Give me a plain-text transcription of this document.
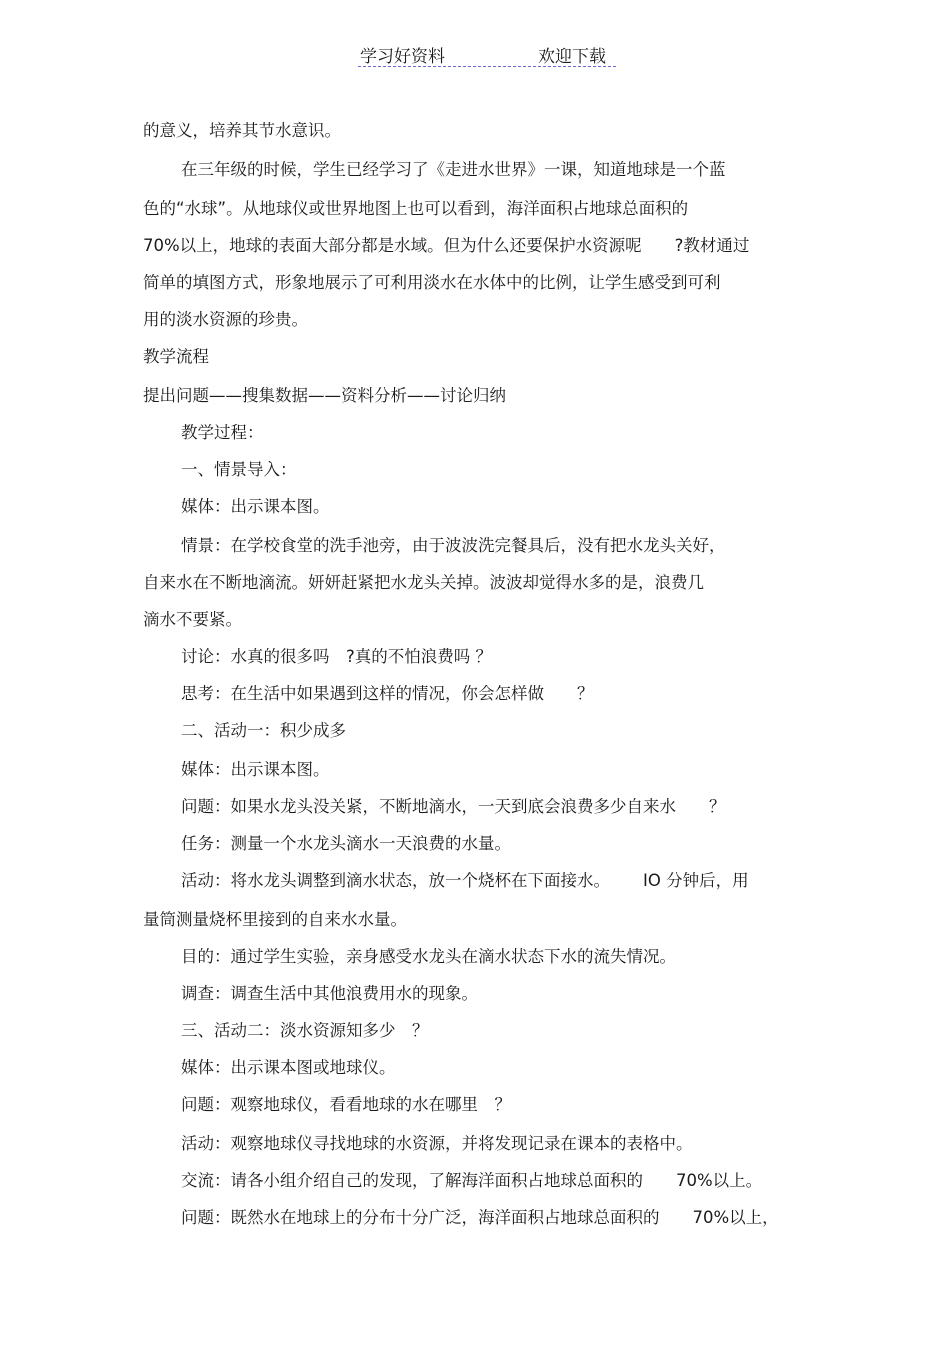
学习好资料	欢迎下载
的意义，培养其节水意识。
在三年级的时候，学生已经学习了《走进水世界》一课，知道地球是一个蓝
色的“水球”。从地球仪或世界地图上也可以看到，海洋面积占地球总面积的
70%以上，地球的表面大部分都是水域。但为什么还要保护水资源呢  ?教材通过
简单的填图方式，形象地展示了可利用淡水在水体中的比例，让学生感受到可利
用的淡水资源的珍贵。
教学流程
提出问题——搜集数据——资料分析——讨论归纳
教学过程：
一、情景导入：
媒体：出示课本图。
情景：在学校食堂的洗手池旁，由于波波洗完餐具后，没有把水龙头关好，
自来水在不断地滴流。妍妍赶紧把水龙头关掉。波波却觉得水多的是，浪费几
滴水不要紧。
讨论：水真的很多吗 ?真的不怕浪费吗 ？
思考：在生活中如果遇到这样的情况，你会怎样做  ？
二、活动一：积少成多
媒体：出示课本图。
问题：如果水龙头没关紧，不断地滴水，一天到底会浪费多少自来水  ？
任务：测量一个水龙头滴水一天浪费的水量。
活动：将水龙头调整到滴水状态，放一个烧杯在下面接水。  IO 分钟后，用
量筒测量烧杯里接到的自来水水量。
目的：通过学生实验，亲身感受水龙头在滴水状态下水的流失情况。
调查：调查生活中其他浪费用水的现象。
三、活动二：淡水资源知多少 ？
媒体：出示课本图或地球仪。
问题：观察地球仪，看看地球的水在哪里 ？
活动：观察地球仪寻找地球的水资源，并将发现记录在课本的表格中。
交流：请各小组介绍自己的发现，了解海洋面积占地球总面积的  70%以上。
问题：既然水在地球上的分布十分广泛，海洋面积占地球总面积的  70%以上，
